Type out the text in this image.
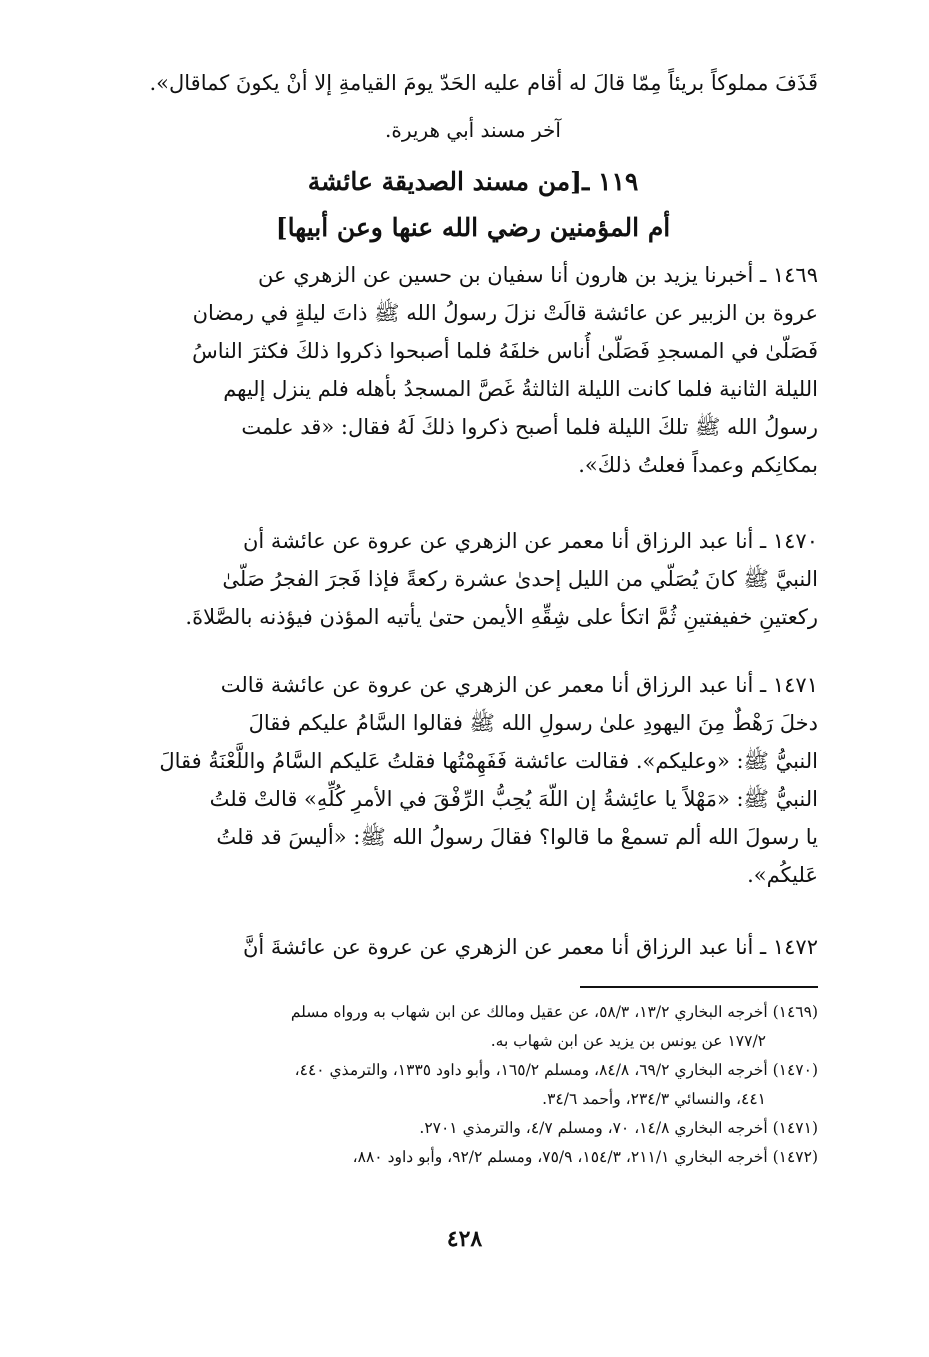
قَذَفَ مملوكاً بريئاً مِمّا قالَ له أقام عليه الحَدّ يومَ القيامةِ إلا أنْ يكونَ كماقال».
آخر مسند أبي هريرة.
١١٩ ـ[من مسند الصديقة عائشة
أم المؤمنين رضي الله عنها وعن أبيها]
١٤٦٩ ـ أخبرنا يزيد بن هارون أنا سفيان بن حسين عن الزهري عن
عروة بن الزبير عن عائشة قالَتْ نزلَ رسولُ الله ﷺ ذاتَ ليلةٍ في رمضان
فَصَلّىٰ في المسجدِ فَصَلّىٰ أُناس خلفَهُ فلما أصبحوا ذكروا ذلكَ فكثرَ الناسُ
الليلة الثانية فلما كانت الليلة الثالثةُ غَصَّ المسجدُ بأهله فلم ينزل إليهم
رسولُ الله ﷺ تلكَ الليلة فلما أصبح ذكروا ذلكَ لَهُ فقال: «قد علمت
بمكانِكم وعمداً فعلتُ ذلكَ».
١٤٧٠ ـ أنا عبد الرزاق أنا معمر عن الزهري عن عروة عن عائشة أن
النبيَّ ﷺ كانَ يُصَلّي من الليل إحدىٰ عشرة ركعةً فإذا فَجرَ الفجرُ صَلّىٰ
ركعتينِ خفيفتينِ ثُمَّ اتكأ على شِقِّهِ الأيمن حتىٰ يأتيه المؤذن فيؤذنه بالصَّلاةَ.
١٤٧١ ـ أنا عبد الرزاق أنا معمر عن الزهري عن عروة عن عائشة قالت
دخلَ رَهْطٌ مِنَ اليهودِ علىٰ رسولِ الله ﷺ فقالوا السَّامُ عليكم فقالَ
النبيُّ ﷺ: «وعليكم». فقالت عائشة فَفَهِمْتُها فقلتُ عَليكم السَّامُ واللَّعْنَةُ فقالَ
النبيُّ ﷺ: «مَهْلاً يا عائِشةُ إن اللّهَ يُحِبُّ الرِّفْقَ في الأمرِ كُلِّهِ» قالتْ قلتُ
يا رسولَ الله ألم تسمعْ ما قالوا؟ فقالَ رسولُ الله ﷺ: «أليسَ قد قلتُ
عَليكُم».
١٤٧٢ ـ أنا عبد الرزاق أنا معمر عن الزهري عن عروة عن عائشةَ أنَّ
(١٤٦٩) أخرجه البخاري ١٣/٢، ٥٨/٣، عن عقيل ومالك عن ابن شهاب به ورواه مسلم
١٧٧/٢ عن يونس بن يزيد عن ابن شهاب به.
(١٤٧٠) أخرجه البخاري ٦٩/٢، ٨٤/٨، ومسلم ١٦٥/٢، وأبو داود ١٣٣٥، والترمذي ٤٤٠،
٤٤١، والنسائي ٢٣٤/٣، وأحمد ٣٤/٦.
(١٤٧١) أخرجه البخاري ١٤/٨، ٧٠، ومسلم ٤/٧، والترمذي ٢٧٠١.
(١٤٧٢) أخرجه البخاري ٢١١/١، ١٥٤/٣، ٧٥/٩، ومسلم ٩٢/٢، وأبو داود ٨٨٠،
٤٢٨
